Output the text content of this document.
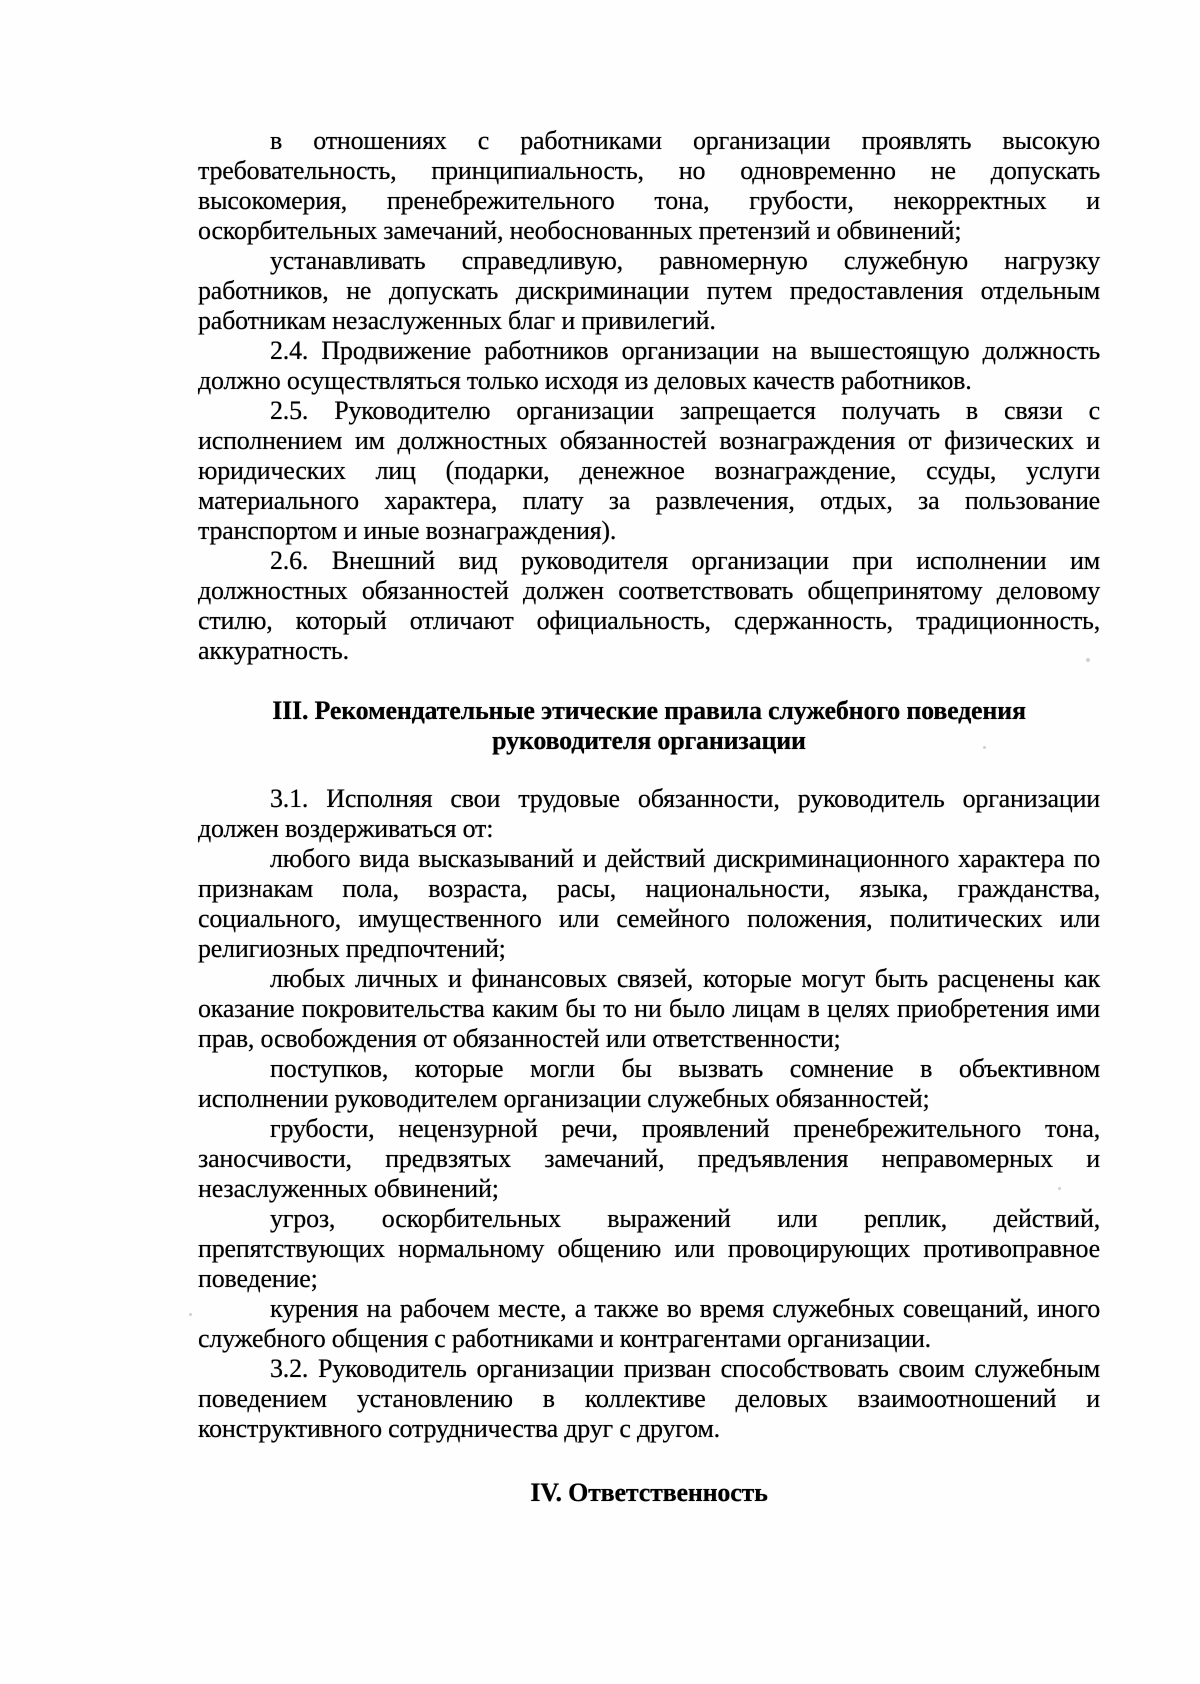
в отношениях с работниками организации проявлять высокую
требовательность, принципиальность, но одновременно не допускать
высокомерия, пренебрежительного тона, грубости, некорректных и
оскорбительных замечаний, необоснованных претензий и обвинений;
устанавливать справедливую, равномерную служебную нагрузку
работников, не допускать дискриминации путем предоставления отдельным
работникам незаслуженных благ и привилегий.
2.4. Продвижение работников организации на вышестоящую должность
должно осуществляться только исходя из деловых качеств работников.
2.5. Руководителю организации запрещается получать в связи с
исполнением им должностных обязанностей вознаграждения от физических и
юридических лиц (подарки, денежное вознаграждение, ссуды, услуги
материального характера, плату за развлечения, отдых, за пользование
транспортом и иные вознаграждения).
2.6. Внешний вид руководителя организации при исполнении им
должностных обязанностей должен соответствовать общепринятому деловому
стилю, который отличают официальность, сдержанность, традиционность,
аккуратность.
III. Рекомендательные этические правила служебного поведения
руководителя организации
3.1. Исполняя свои трудовые обязанности, руководитель организации
должен воздерживаться от:
любого вида высказываний и действий дискриминационного характера по
признакам пола, возраста, расы, национальности, языка, гражданства,
социального, имущественного или семейного положения, политических или
религиозных предпочтений;
любых личных и финансовых связей, которые могут быть расценены как
оказание покровительства каким бы то ни было лицам в целях приобретения ими
прав, освобождения от обязанностей или ответственности;
поступков, которые могли бы вызвать сомнение в объективном
исполнении руководителем организации служебных обязанностей;
грубости, нецензурной речи, проявлений пренебрежительного тона,
заносчивости, предвзятых замечаний, предъявления неправомерных и
незаслуженных обвинений;
угроз, оскорбительных выражений или реплик, действий,
препятствующих нормальному общению или провоцирующих противоправное
поведение;
курения на рабочем месте, а также во время служебных совещаний, иного
служебного общения с работниками и контрагентами организации.
3.2. Руководитель организации призван способствовать своим служебным
поведением установлению в коллективе деловых взаимоотношений и
конструктивного сотрудничества друг с другом.
IV. Ответственность
